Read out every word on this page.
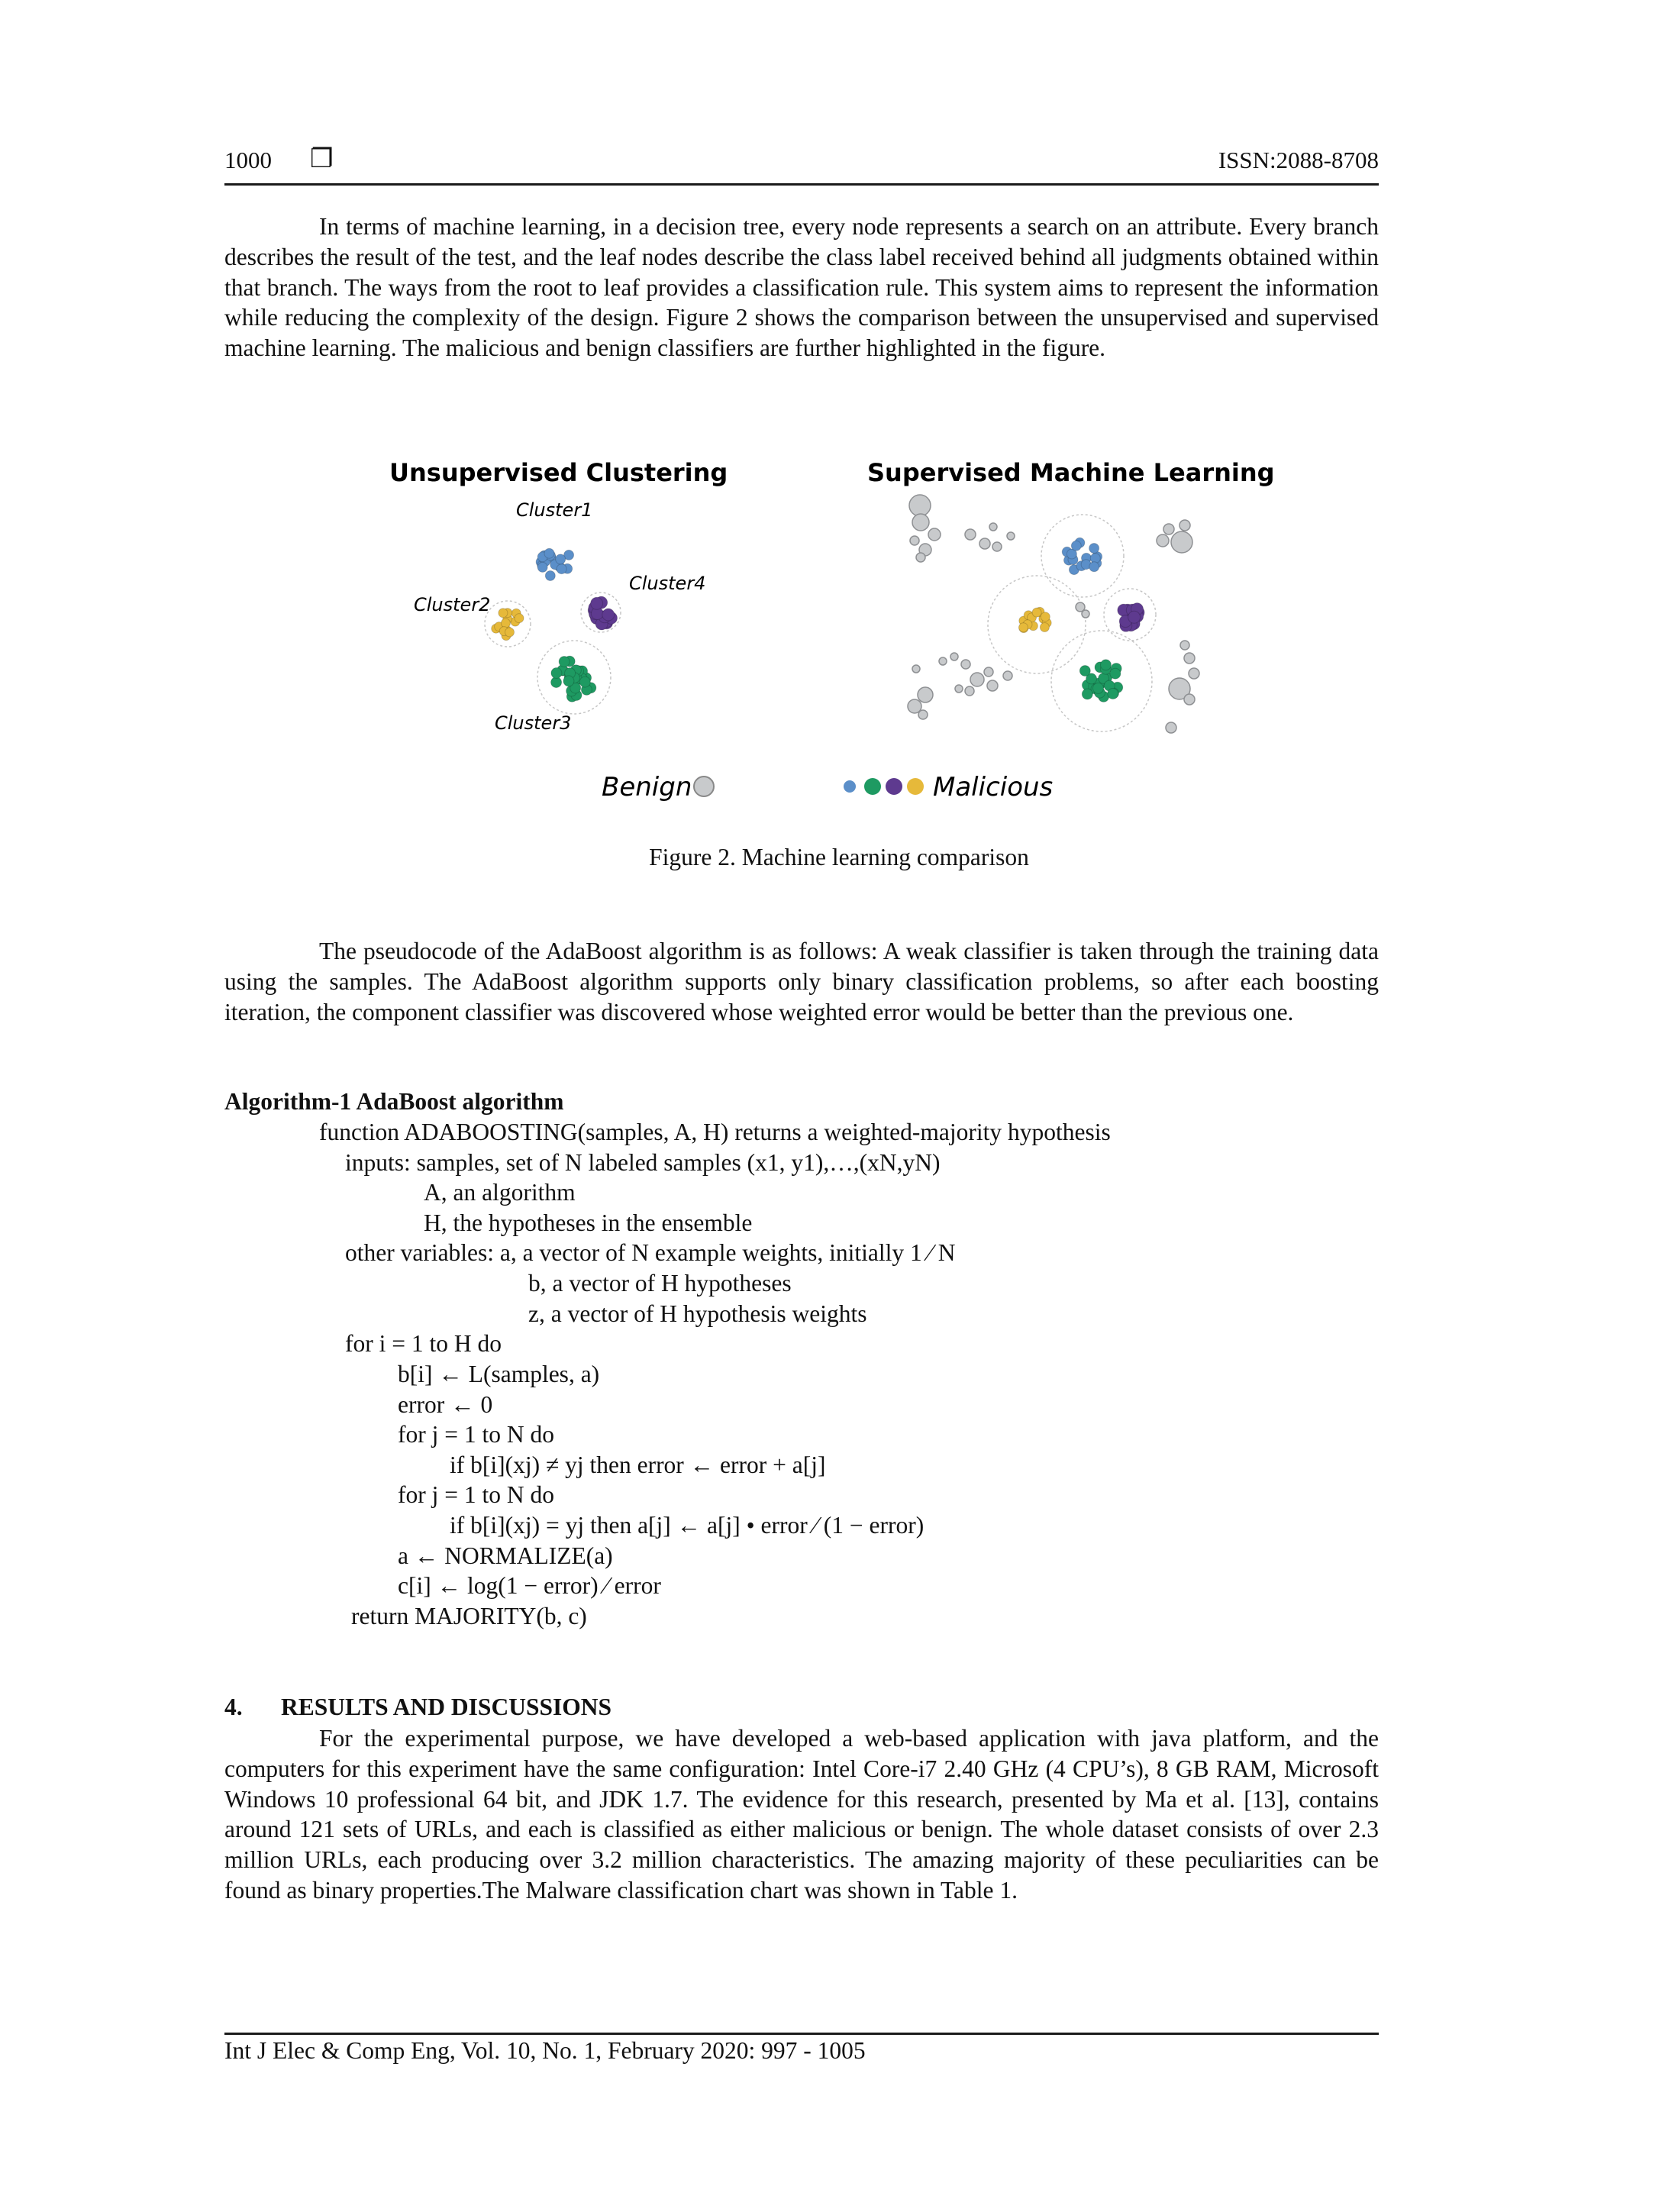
1000 ❐	ISSN:2088-8708

In terms of machine learning, in a decision tree, every node represents a search on an attribute. Every branch describes the result of the test, and the leaf nodes describe the class label received behind all judgments obtained within that branch. The ways from the root to leaf provides a classification rule. This system aims to represent the information while reducing the complexity of the design. Figure 2 shows the comparison between the unsupervised and supervised machine learning. The malicious and benign classifiers are further highlighted in the figure.

Unsupervised Clustering	Supervised Machine Learning
Cluster1
Cluster4
Cluster2
Cluster3
Benign	Malicious
Figure 2. Machine learning comparison

The pseudocode of the AdaBoost algorithm is as follows: A weak classifier is taken through the training data using the samples. The AdaBoost algorithm supports only binary classification problems, so after each boosting iteration, the component classifier was discovered whose weighted error would be better than the previous one.

Algorithm-1 AdaBoost algorithm
function ADABOOSTING(samples, A, H) returns a weighted-majority hypothesis
inputs: samples, set of N labeled samples (x1, y1),…,(xN,yN)
A, an algorithm
H, the hypotheses in the ensemble
other variables: a, a vector of N example weights, initially 1 ⁄ N
b, a vector of H hypotheses
z, a vector of H hypothesis weights
for i = 1 to H do
b[i] ← L(samples, a)
error ← 0
for j = 1 to N do
if b[i](xj) ≠ yj then error ← error + a[j]
for j = 1 to N do
if b[i](xj) = yj then a[j] ← a[j] • error ⁄ (1 − error)
a ← NORMALIZE(a)
c[i] ← log(1 − error) ⁄ error
return MAJORITY(b, c)
4. RESULTS AND DISCUSSIONS

For the experimental purpose, we have developed a web-based application with java platform, and the computers for this experiment have the same configuration: Intel Core-i7 2.40 GHz (4 CPU’s), 8 GB RAM, Microsoft Windows 10 professional 64 bit, and JDK 1.7. The evidence for this research, presented by Ma et al. [13], contains around 121 sets of URLs, and each is classified as either malicious or benign. The whole dataset consists of over 2.3 million URLs, each producing over 3.2 million characteristics. The amazing majority of these peculiarities can be found as binary properties.The Malware classification chart was shown in Table 1.

Int J Elec & Comp Eng, Vol. 10, No. 1, February 2020: 997 - 1005
